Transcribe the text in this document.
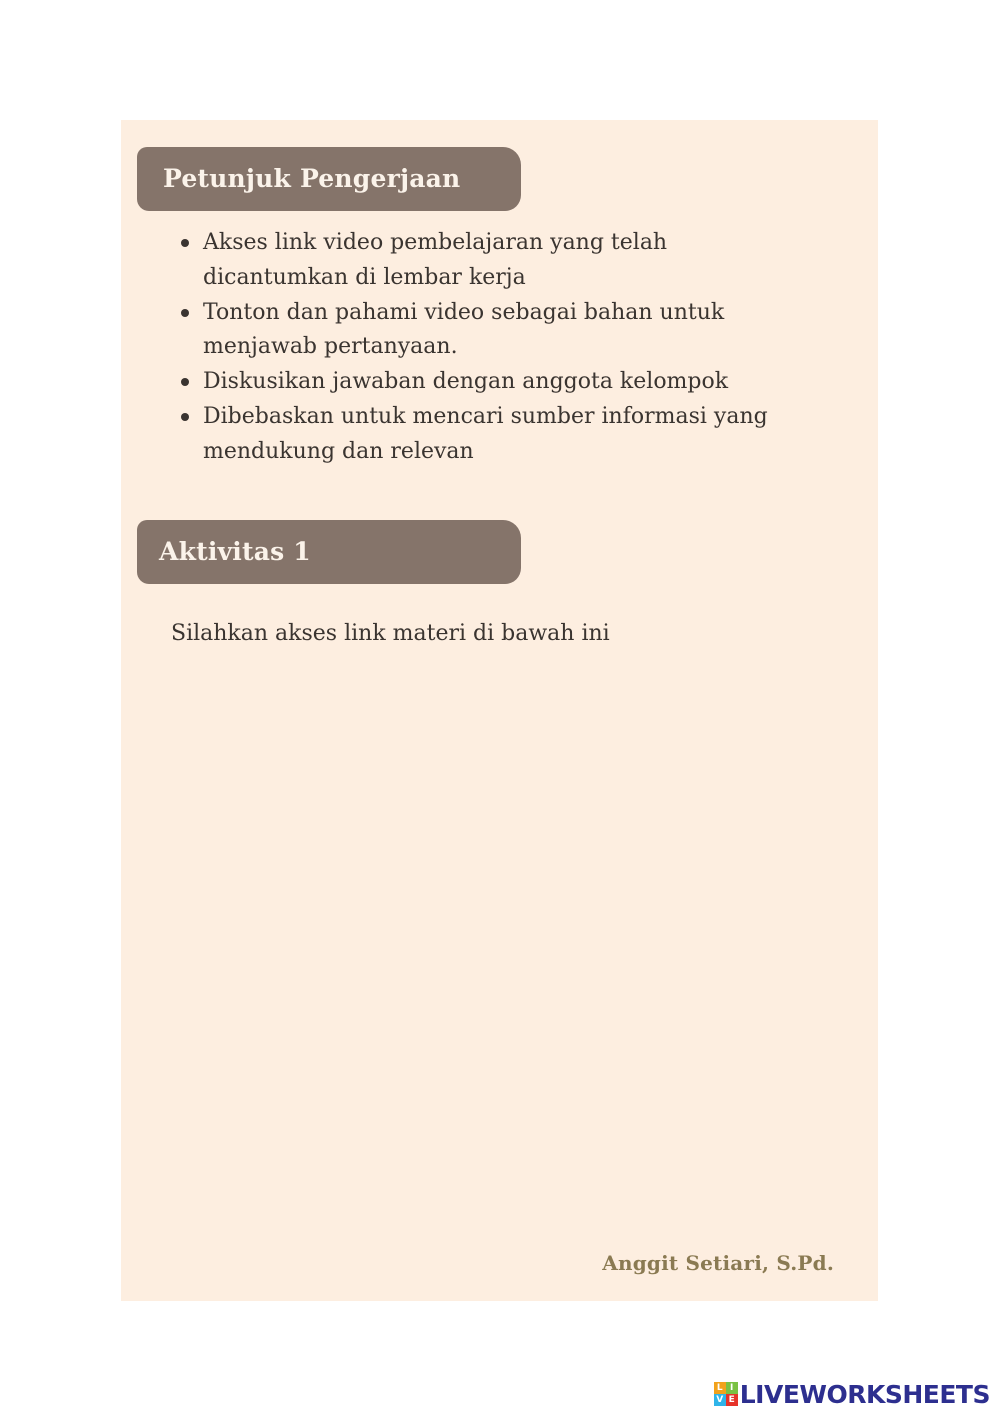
Petunjuk Pengerjaan
Akses link video pembelajaran yang telah
dicantumkan di lembar kerja
Tonton dan pahami video sebagai bahan untuk
menjawab pertanyaan.
Diskusikan jawaban dengan anggota kelompok
Dibebaskan untuk mencari sumber informasi yang
mendukung dan relevan
Aktivitas 1
Silahkan akses link materi di bawah ini
Anggit Setiari, S.Pd.
L I
V E LIVEWORKSHEETS
